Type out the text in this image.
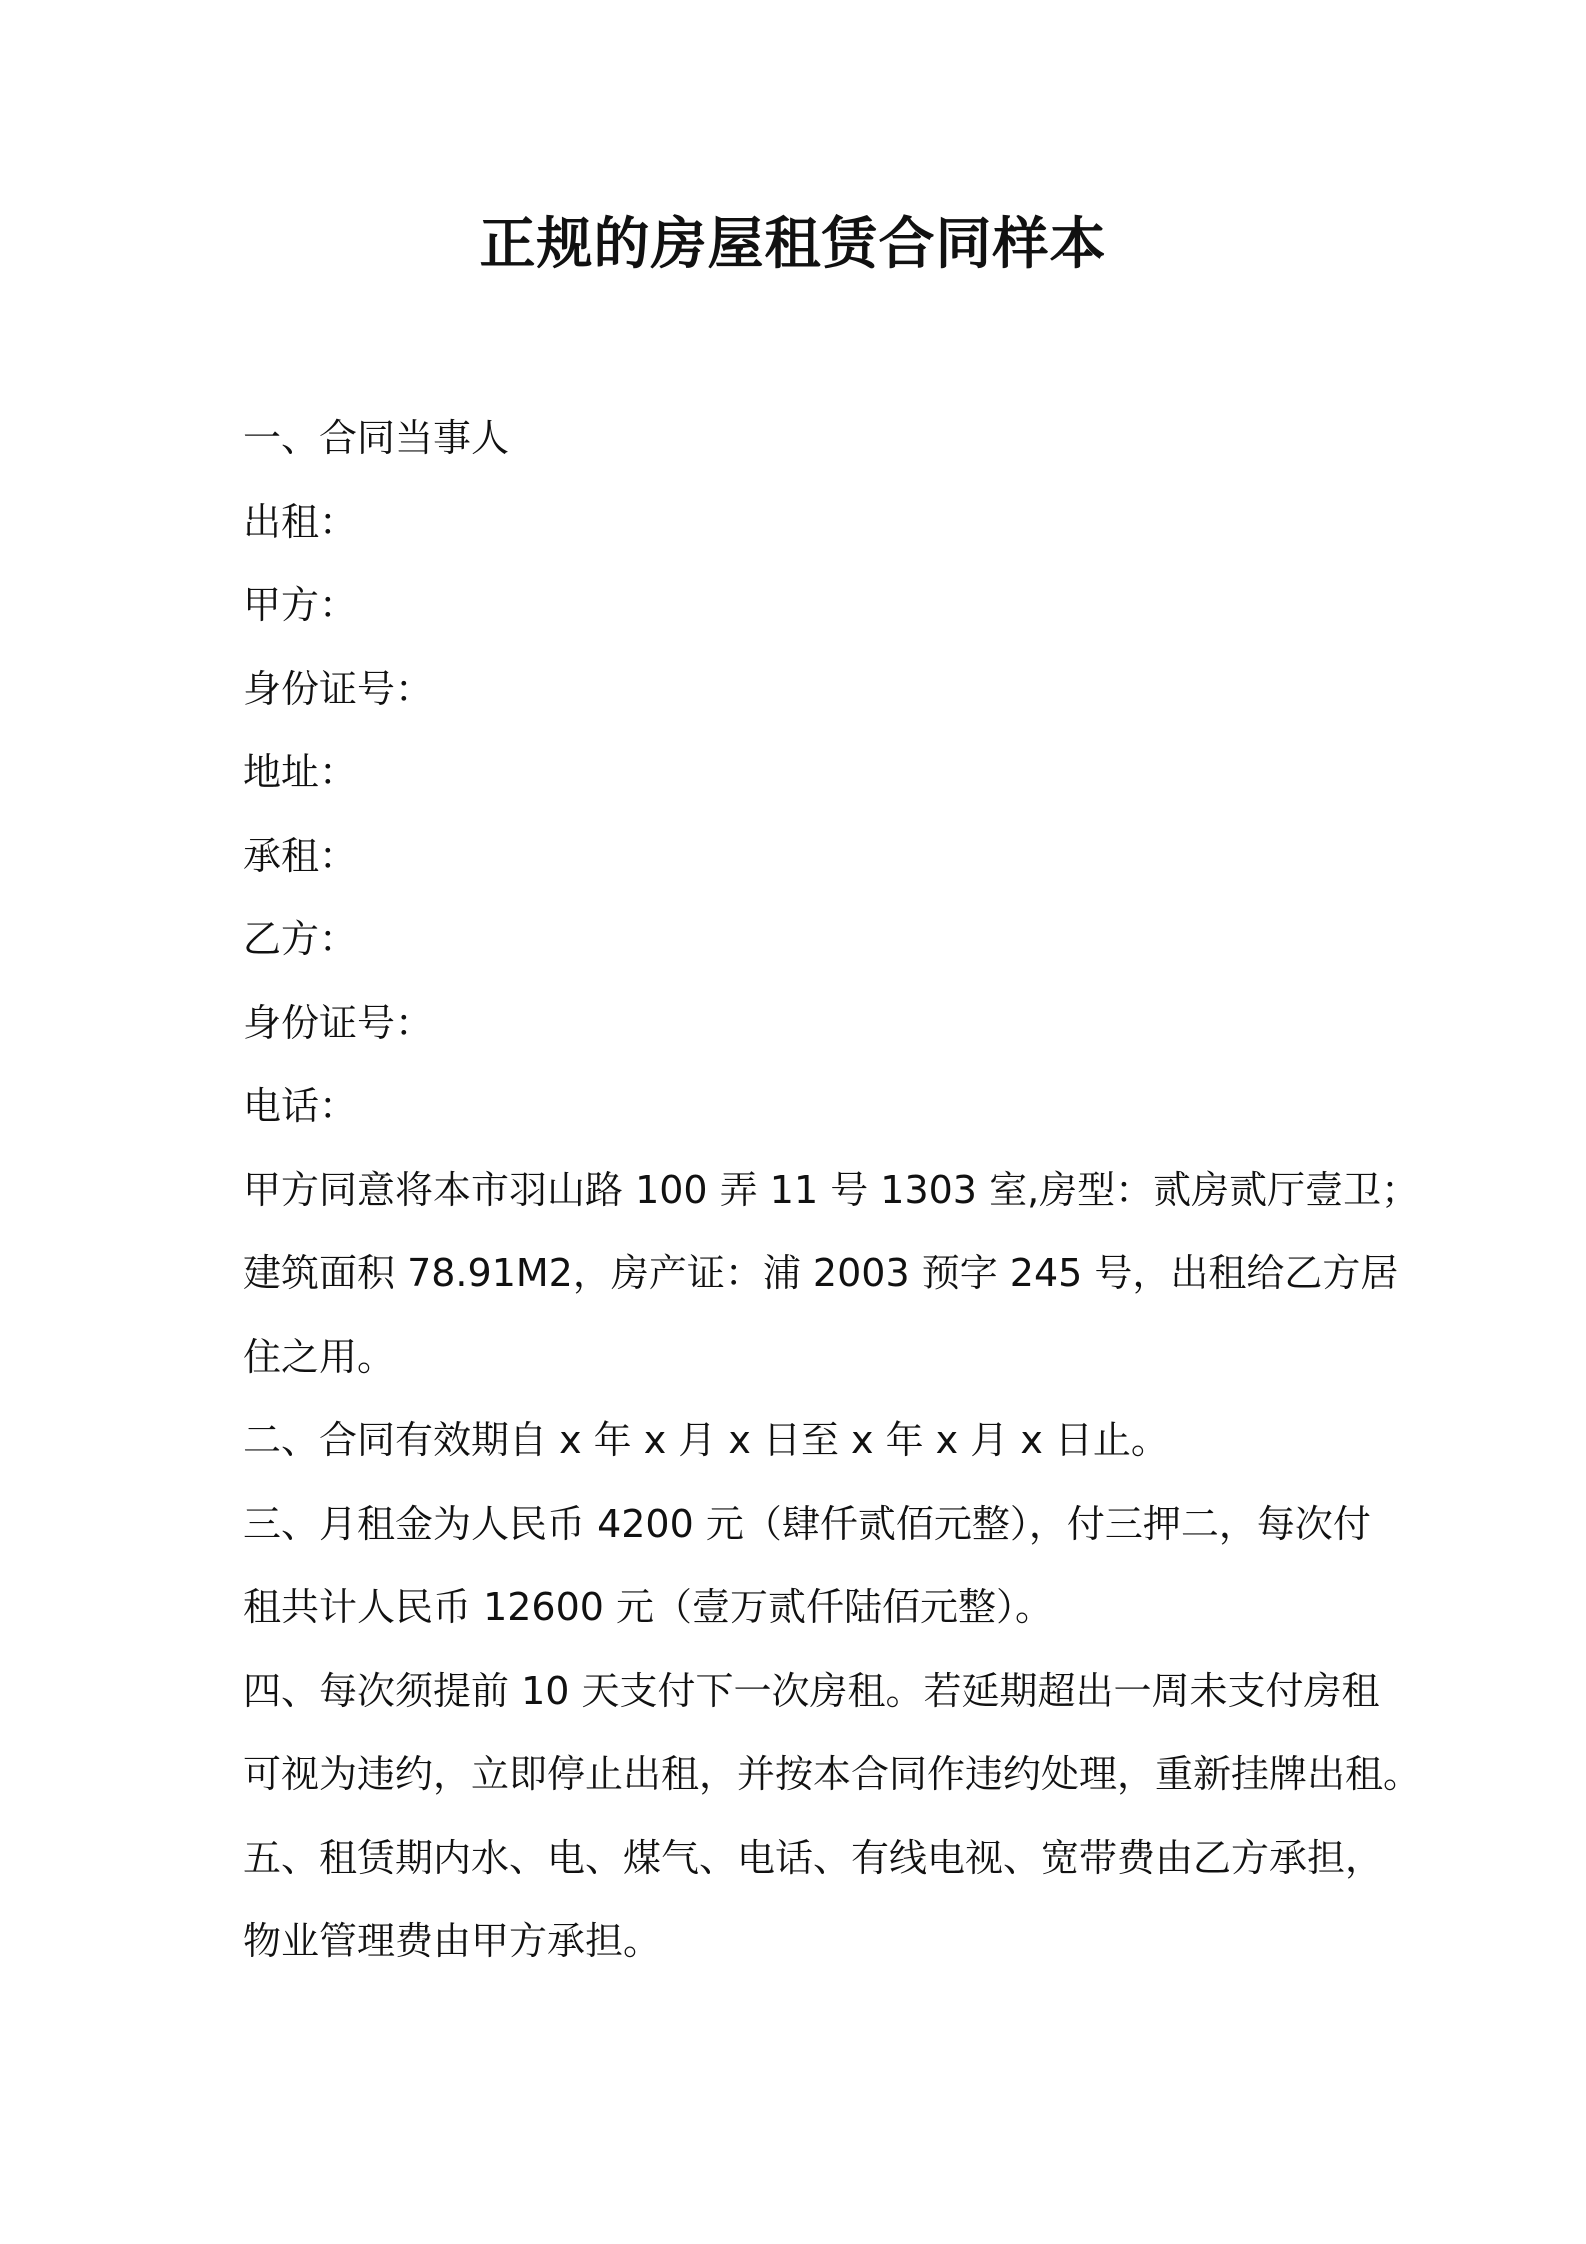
正规的房屋租赁合同样本

一、合同当事人

出租：

甲方：

身份证号：

地址：

承租：

乙方：

身份证号：

电话：

甲方同意将本市羽山路 100 弄 11 号 1303 室,房型：贰房贰厅壹卫；

建筑面积 78.91M2，房产证：浦 2003 预字 245 号，出租给乙方居

住之用。

二、合同有效期自 x 年 x 月 x 日至 x 年 x 月 x 日止。

三、月租金为人民币 4200 元（肆仟贰佰元整），付三押二，每次付

租共计人民币 12600 元（壹万贰仟陆佰元整）。

四、每次须提前 10 天支付下一次房租。若延期超出一周未支付房租

可视为违约，立即停止出租，并按本合同作违约处理，重新挂牌出租。

五、租赁期内水、电、煤气、电话、有线电视、宽带费由乙方承担，

物业管理费由甲方承担。
